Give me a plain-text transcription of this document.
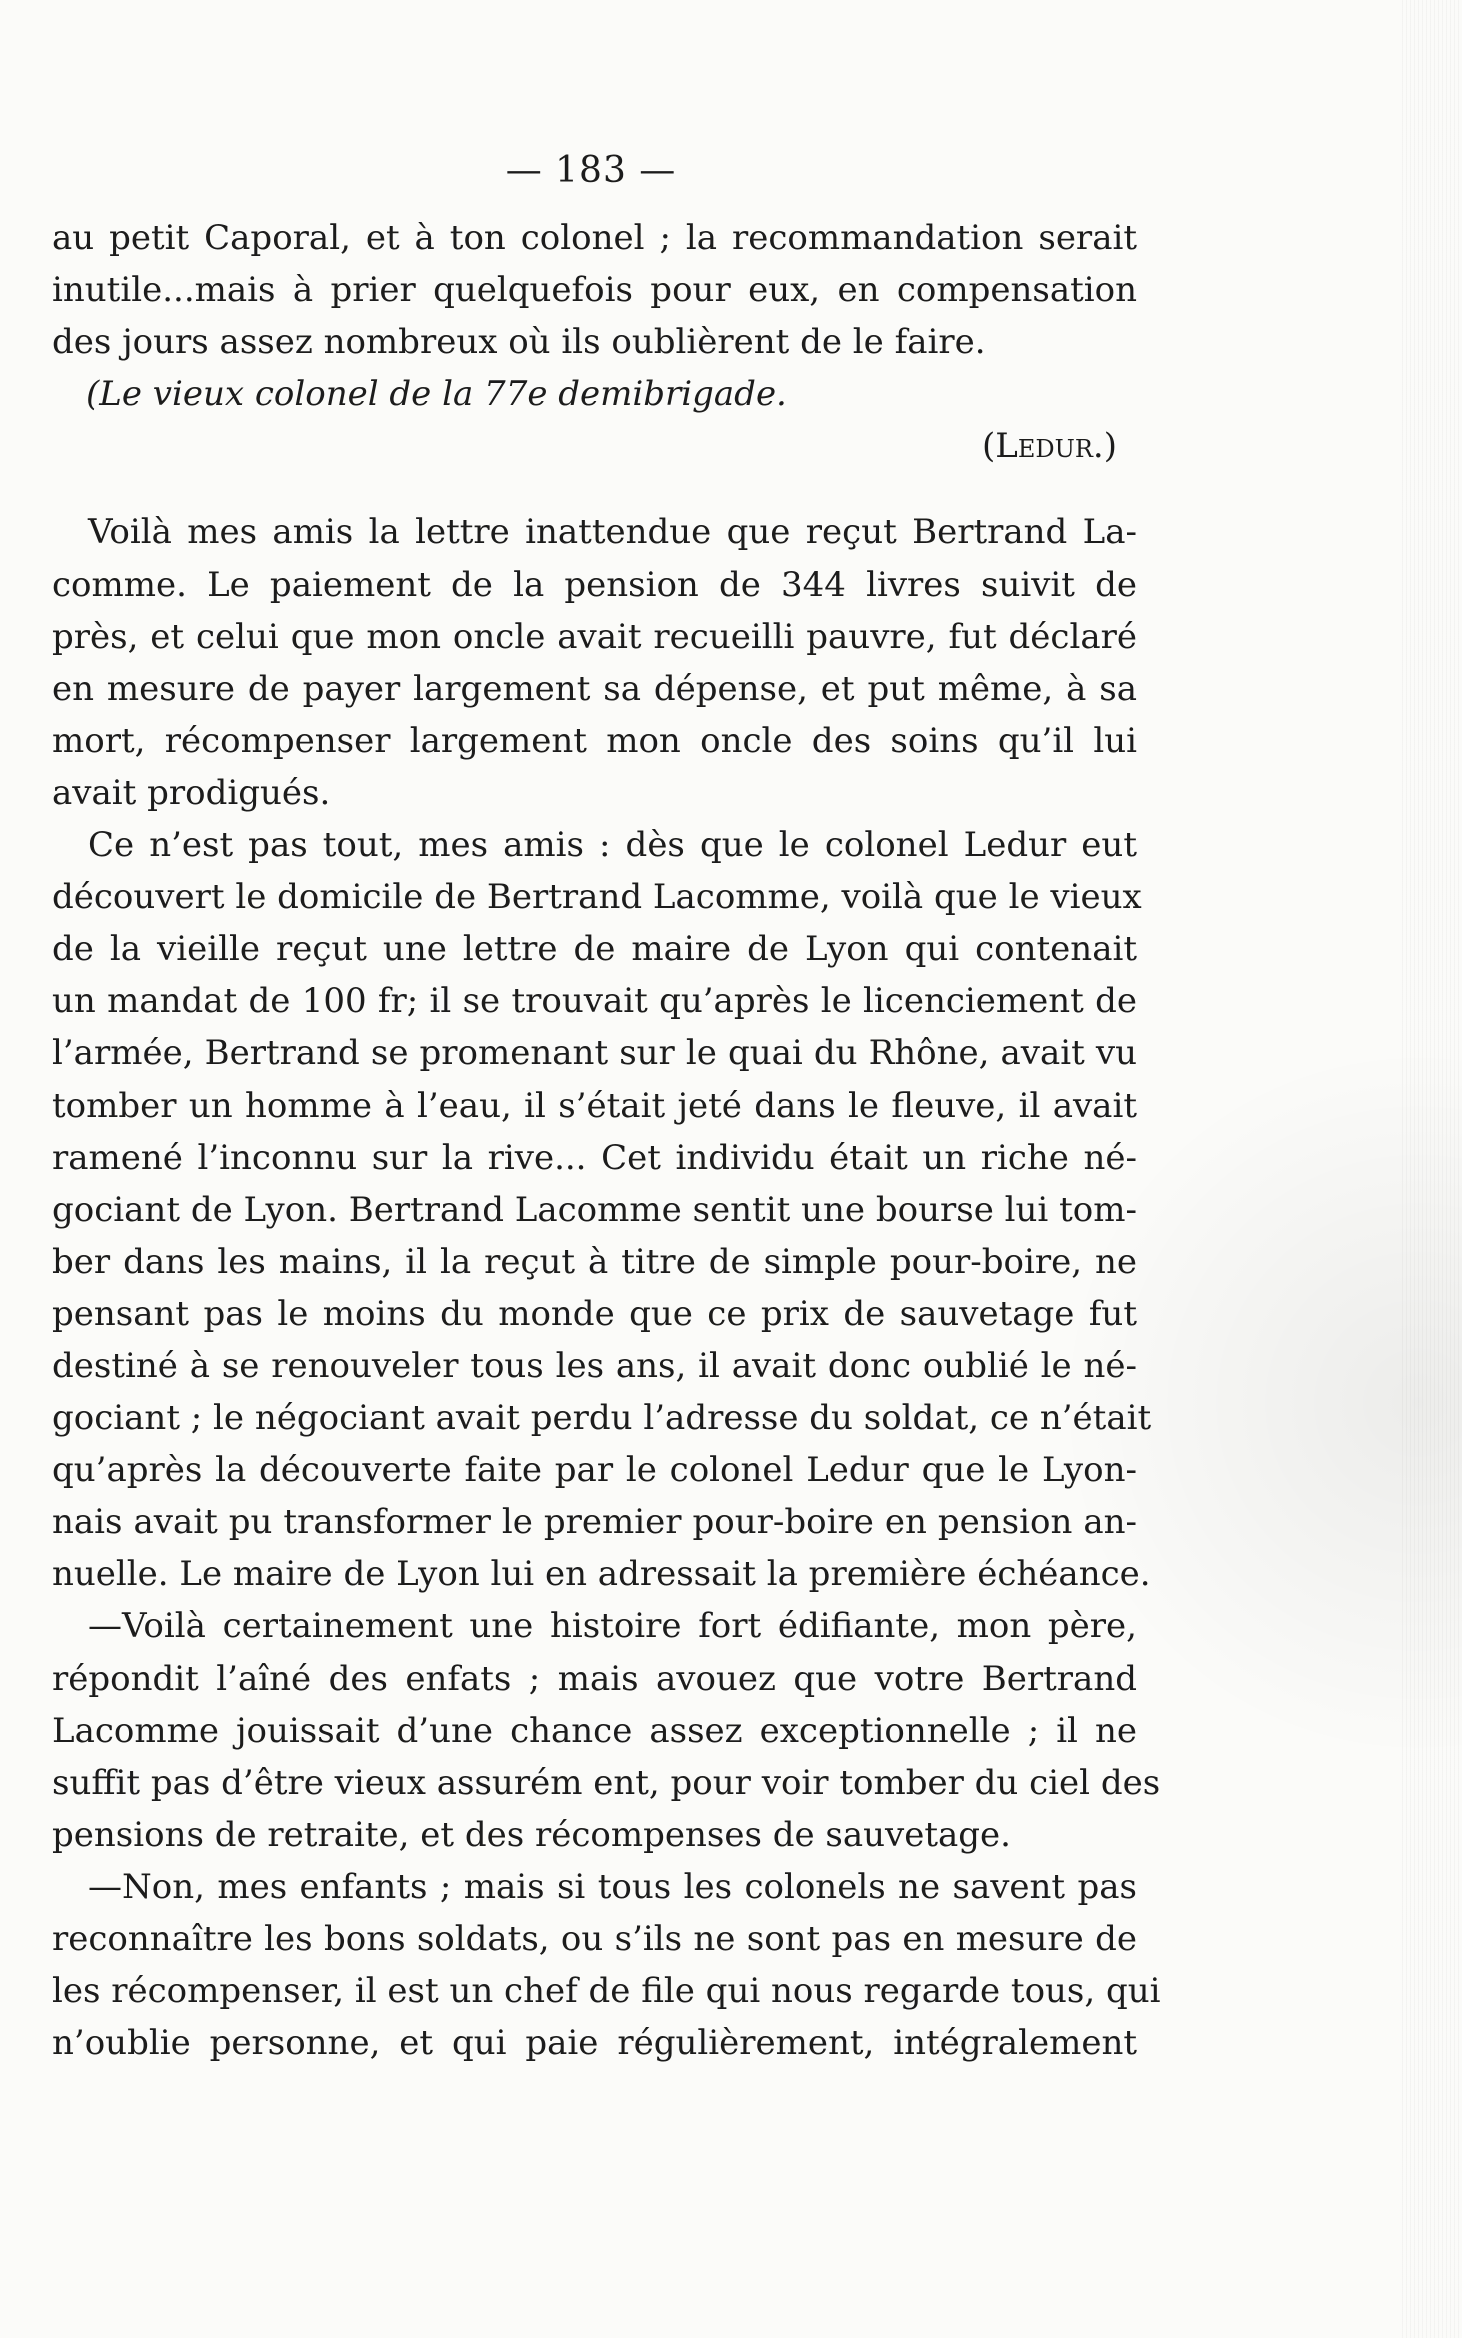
— 183 —
au petit Caporal, et à ton colonel ; la recommandation serait
inutile...mais à prier quelquefois pour eux, en compensation
des jours assez nombreux où ils oublièrent de le faire.
(Le vieux colonel de la 77e demibrigade.
(Ledur.)
Voilà mes amis la lettre inattendue que reçut Bertrand La-
comme. Le paiement de la pension de 344 livres suivit de
près, et celui que mon oncle avait recueilli pauvre, fut déclaré
en mesure de payer largement sa dépense, et put même, à sa
mort, récompenser largement mon oncle des soins qu’il lui
avait prodigués.
Ce n’est pas tout, mes amis : dès que le colonel Ledur eut
découvert le domicile de Bertrand Lacomme, voilà que le vieux
de la vieille reçut une lettre de maire de Lyon qui contenait
un mandat de 100 fr; il se trouvait qu’après le licenciement de
l’armée, Bertrand se promenant sur le quai du Rhône, avait vu
tomber un homme à l’eau, il s’était jeté dans le fleuve, il avait
ramené l’inconnu sur la rive... Cet individu était un riche né-
gociant de Lyon. Bertrand Lacomme sentit une bourse lui tom-
ber dans les mains, il la reçut à titre de simple pour-boire, ne
pensant pas le moins du monde que ce prix de sauvetage fut
destiné à se renouveler tous les ans, il avait donc oublié le né-
gociant ; le négociant avait perdu l’adresse du soldat, ce n’était
qu’après la découverte faite par le colonel Ledur que le Lyon-
nais avait pu transformer le premier pour-boire en pension an-
nuelle. Le maire de Lyon lui en adressait la première échéance.
—Voilà certainement une histoire fort édifiante, mon père,
répondit l’aîné des enfats ; mais avouez que votre Bertrand
Lacomme jouissait d’une chance assez exceptionnelle ; il ne
suffit pas d’être vieux assurém ent, pour voir tomber du ciel des
pensions de retraite, et des récompenses de sauvetage.
—Non, mes enfants ; mais si tous les colonels ne savent pas
reconnaître les bons soldats, ou s’ils ne sont pas en mesure de
les récompenser, il est un chef de file qui nous regarde tous, qui
n’oublie personne, et qui paie régulièrement, intégralement
